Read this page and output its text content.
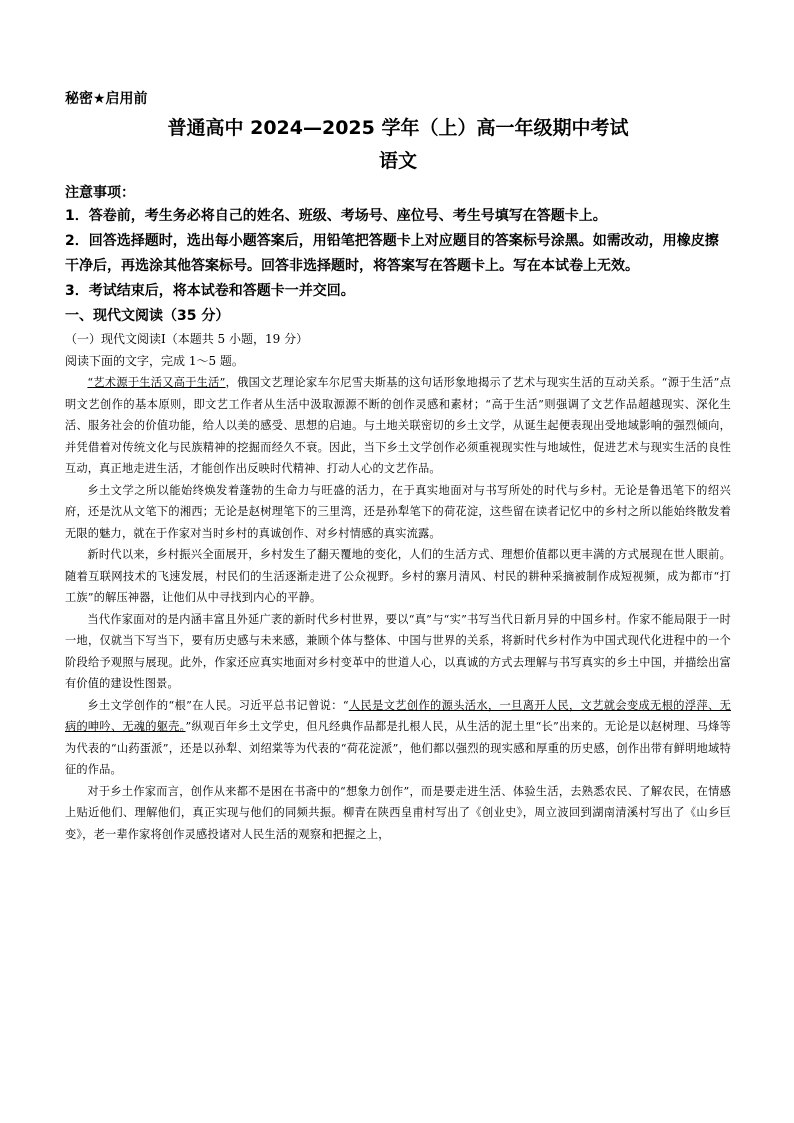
秘密★启用前
普通高中 2024—2025 学年（上）高一年级期中考试
语文
注意事项：

1．答卷前，考生务必将自己的姓名、班级、考场号、座位号、考生号填写在答题卡上。

2．回答选择题时，选出每小题答案后，用铅笔把答题卡上对应题目的答案标号涂黑。如需改动，用橡皮擦干净后，再选涂其他答案标号。回答非选择题时，将答案写在答题卡上。写在本试卷上无效。

3．考试结束后，将本试卷和答题卡一并交回。

一、现代文阅读（35 分）

（一）现代文阅读Ⅰ（本题共 5 小题，19 分）

阅读下面的文字，完成 1～5 题。

“艺术源于生活又高于生活”，俄国文艺理论家车尔尼雪夫斯基的这句话形象地揭示了艺术与现实生活的互动关系。“源于生活”点明文艺创作的基本原则，即文艺工作者从生活中汲取源源不断的创作灵感和素材；“高于生活”则强调了文艺作品超越现实、深化生活、服务社会的价值功能，给人以美的感受、思想的启迪。与土地关联密切的乡土文学，从诞生起便表现出受地域影响的强烈倾向，并凭借着对传统文化与民族精神的挖掘而经久不衰。因此，当下乡土文学创作必须重视现实性与地域性，促进艺术与现实生活的良性互动，真正地走进生活，才能创作出反映时代精神、打动人心的文艺作品。

乡土文学之所以能始终焕发着蓬勃的生命力与旺盛的活力，在于真实地面对与书写所处的时代与乡村。无论是鲁迅笔下的绍兴府，还是沈从文笔下的湘西；无论是赵树理笔下的三里湾，还是孙犁笔下的荷花淀，这些留在读者记忆中的乡村之所以能始终散发着无限的魅力，就在于作家对当时乡村的真诚创作、对乡村情感的真实流露。

新时代以来，乡村振兴全面展开，乡村发生了翻天覆地的变化，人们的生活方式、理想价值都以更丰满的方式展现在世人眼前。随着互联网技术的飞速发展，村民们的生活逐渐走进了公众视野。乡村的寨月清风、村民的耕种采摘被制作成短视频，成为都市“打工族”的解压神器，让他们从中寻找到内心的平静。

当代作家面对的是内涵丰富且外延广袤的新时代乡村世界，要以“真”与“实”书写当代日新月异的中国乡村。作家不能局限于一时一地，仅就当下写当下，要有历史感与未来感，兼顾个体与整体、中国与世界的关系，将新时代乡村作为中国式现代化进程中的一个阶段给予观照与展现。此外，作家还应真实地面对乡村变革中的世道人心，以真诚的方式去理解与书写真实的乡土中国，并描绘出富有价值的建设性图景。

乡土文学创作的“根”在人民。习近平总书记曾说：“人民是文艺创作的源头活水，一旦离开人民，文艺就会变成无根的浮萍、无病的呻吟、无魂的躯壳。”纵观百年乡土文学史，但凡经典作品都是扎根人民，从生活的泥土里“长”出来的。无论是以赵树理、马烽等为代表的“山药蛋派”，还是以孙犁、刘绍棠等为代表的“荷花淀派”，他们都以强烈的现实感和厚重的历史感，创作出带有鲜明地域特征的作品。

对于乡土作家而言，创作从来都不是困在书斋中的“想象力创作”，而是要走进生活、体验生活，去熟悉农民、了解农民，在情感上贴近他们、理解他们，真正实现与他们的同频共振。柳青在陕西皇甫村写出了《创业史》，周立波回到湖南清溪村写出了《山乡巨变》，老一辈作家将创作灵感投诸对人民生活的观察和把握之上，
